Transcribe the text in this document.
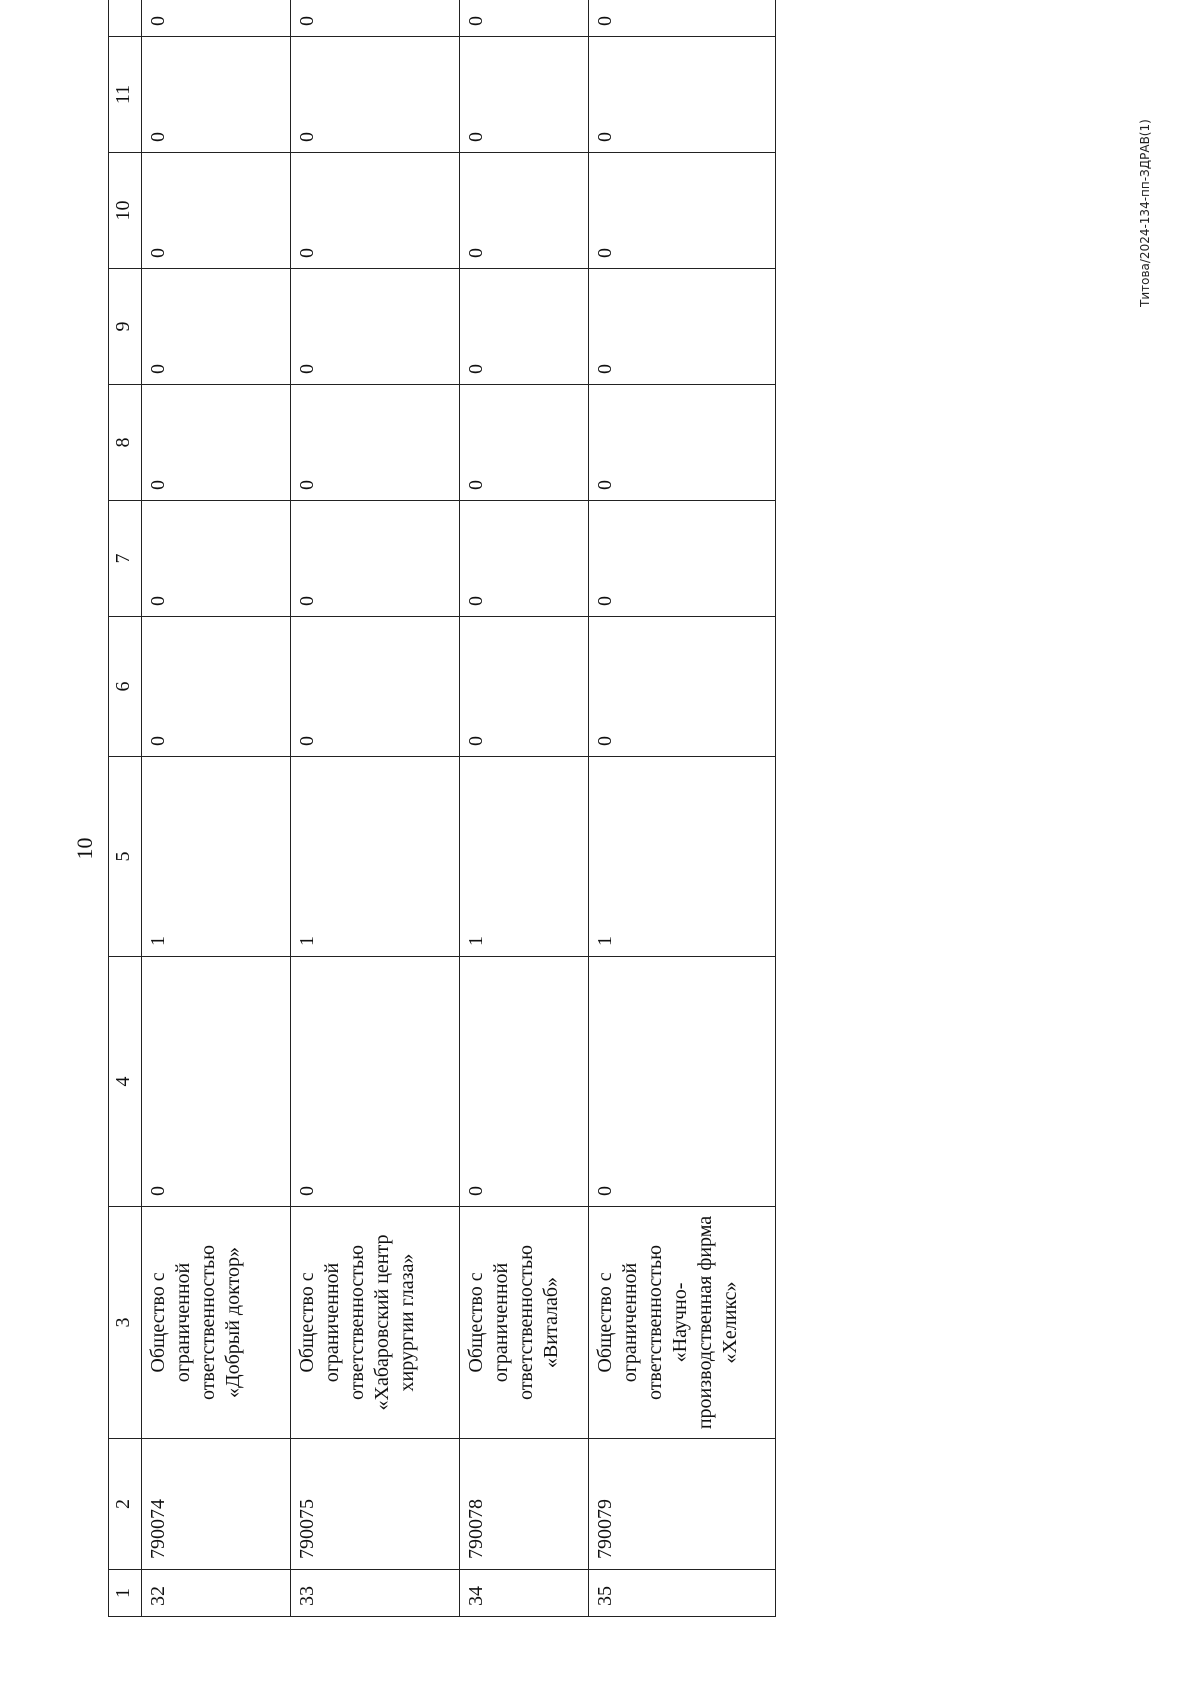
10
1	2	3	4	5	6	7	8	9	10	11		
32	790074	Общество с ограниченной ответственностью «Добрый доктор»	0	1	0	0	0	0	0	0	0	
33	790075	Общество с ограниченной ответственностью «Хабаровский центр хирургии глаза»	0	1	0	0	0	0	0	0	0	
34	790078	Общество с ограниченной ответственностью «Виталаб»	0	1	0	0	0	0	0	0	0	
35	790079	Общество с ограниченной ответственностью «Научно-производственная фирма «Хеликс»	0	1	0	0	0	0	0	0	0	
Титова/2024-134-пп-ЗДРАВ(1)
